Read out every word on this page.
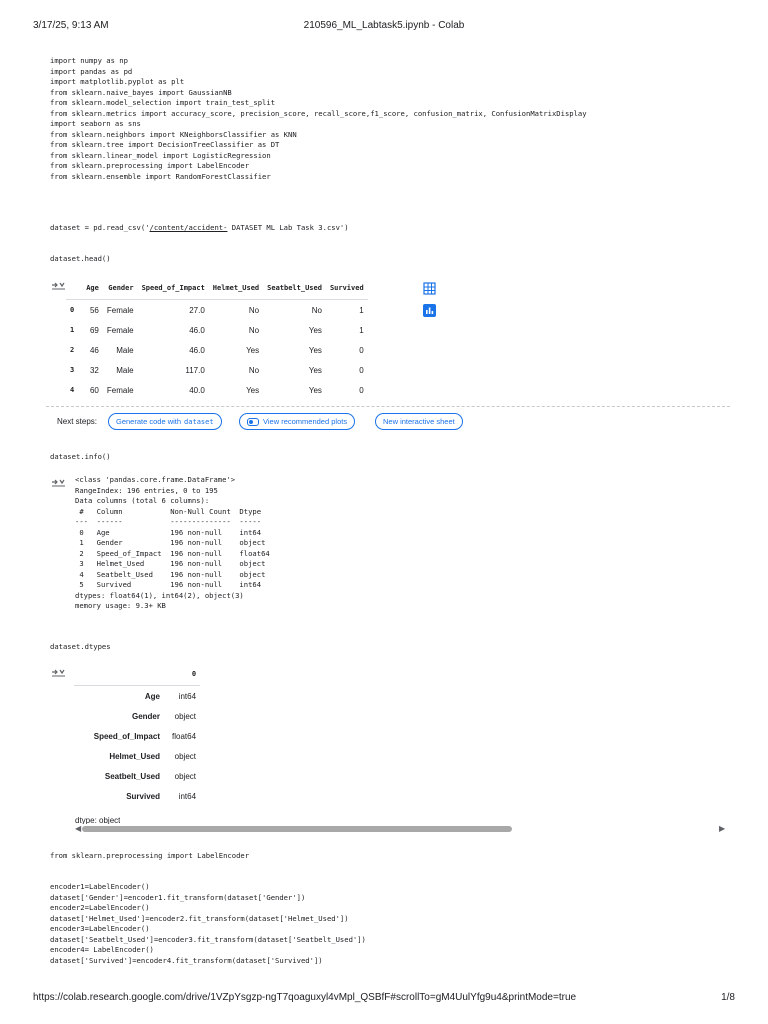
3/17/25, 9:13 AM	210596_ML_Labtask5.ipynb - Colab
import numpy as np
import pandas as pd
import matplotlib.pyplot as plt
from sklearn.naive_bayes import GaussianNB
from sklearn.model_selection import train_test_split
from sklearn.metrics import accuracy_score, precision_score, recall_score,f1_score, confusion_matrix, ConfusionMatrixDisplay
import seaborn as sns
from sklearn.neighbors import KNeighborsClassifier as KNN
from sklearn.tree import DecisionTreeClassifier as DT
from sklearn.linear_model import LogisticRegression
from sklearn.preprocessing import LabelEncoder
from sklearn.ensemble import RandomForestClassifier
dataset = pd.read_csv('/content/accident- DATASET ML Lab Task 3.csv')
dataset.head()
	Age	Gender	Speed_of_Impact	Helmet_Used	Seatbelt_Used	Survived
0	56	Female	27.0	No	No	1
1	69	Female	46.0	No	Yes	1
2	46	Male	46.0	Yes	Yes	0
3	32	Male	117.0	No	Yes	0
4	60	Female	40.0	Yes	Yes	0
Next steps:	Generate code with dataset	View recommended plots	New interactive sheet
dataset.info()
<class 'pandas.core.frame.DataFrame'>
RangeIndex: 196 entries, 0 to 195
Data columns (total 6 columns):
#   Column           Non-Null Count  Dtype
---  ------           --------------  -----
0   Age              196 non-null    int64
1   Gender           196 non-null    object
2   Speed_of_Impact  196 non-null    float64
3   Helmet_Used      196 non-null    object
4   Seatbelt_Used    196 non-null    object
5   Survived         196 non-null    int64
dtypes: float64(1), int64(2), object(3)
memory usage: 9.3+ KB
dataset.dtypes
	0
Age	int64
Gender	object
Speed_of_Impact	float64
Helmet_Used	object
Seatbelt_Used	object
Survived	int64
dtype: object
◀	▶
from sklearn.preprocessing import LabelEncoder
encoder1=LabelEncoder()
dataset['Gender']=encoder1.fit_transform(dataset['Gender'])
encoder2=LabelEncoder()
dataset['Helmet_Used']=encoder2.fit_transform(dataset['Helmet_Used'])
encoder3=LabelEncoder()
dataset['Seatbelt_Used']=encoder3.fit_transform(dataset['Seatbelt_Used'])
encoder4= LabelEncoder()
dataset['Survived']=encoder4.fit_transform(dataset['Survived'])
https://colab.research.google.com/drive/1VZpYsgzp-ngT7qoaguxyl4vMpl_QSBfF#scrollTo=gM4UulYfg9u4&printMode=true	1/8
